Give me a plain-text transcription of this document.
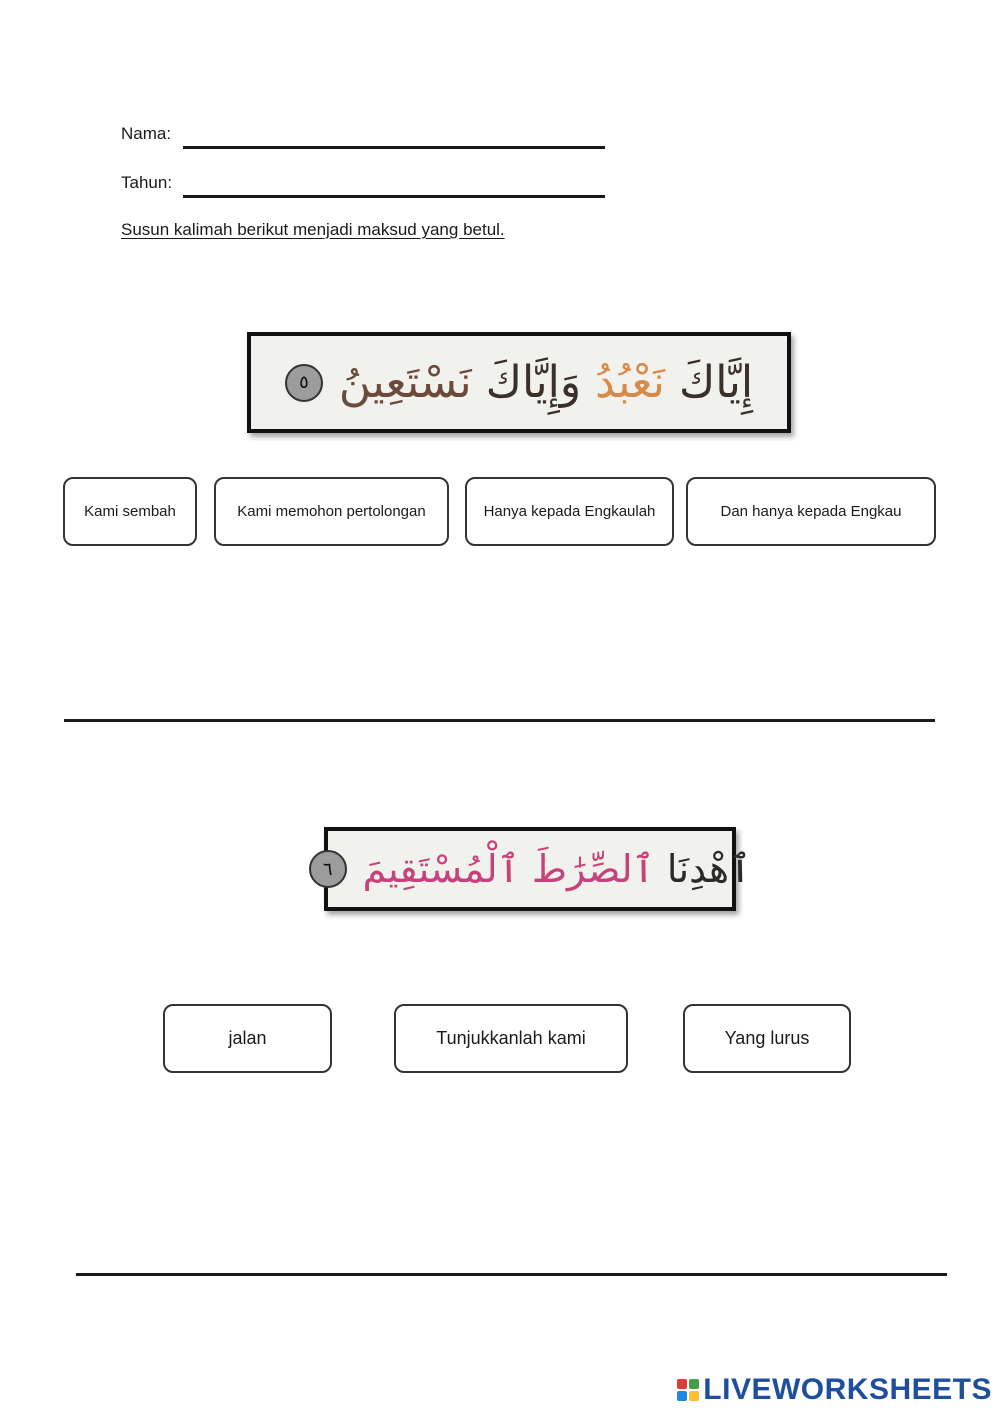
Nama:
Tahun:
Susun kalimah berikut menjadi maksud yang betul.
٥	إِيَّاكَ نَعْبُدُ وَإِيَّاكَ نَسْتَعِينُ
Kami sembah	Kami memohon pertolongan	Hanya kepada Engkaulah	Dan hanya kepada Engkau
٦	ٱهْدِنَا ٱلصِّرَٰطَ ٱلْمُسْتَقِيمَ
jalan	Tunjukkanlah kami	Yang lurus
LIVEWORKSHEETS
